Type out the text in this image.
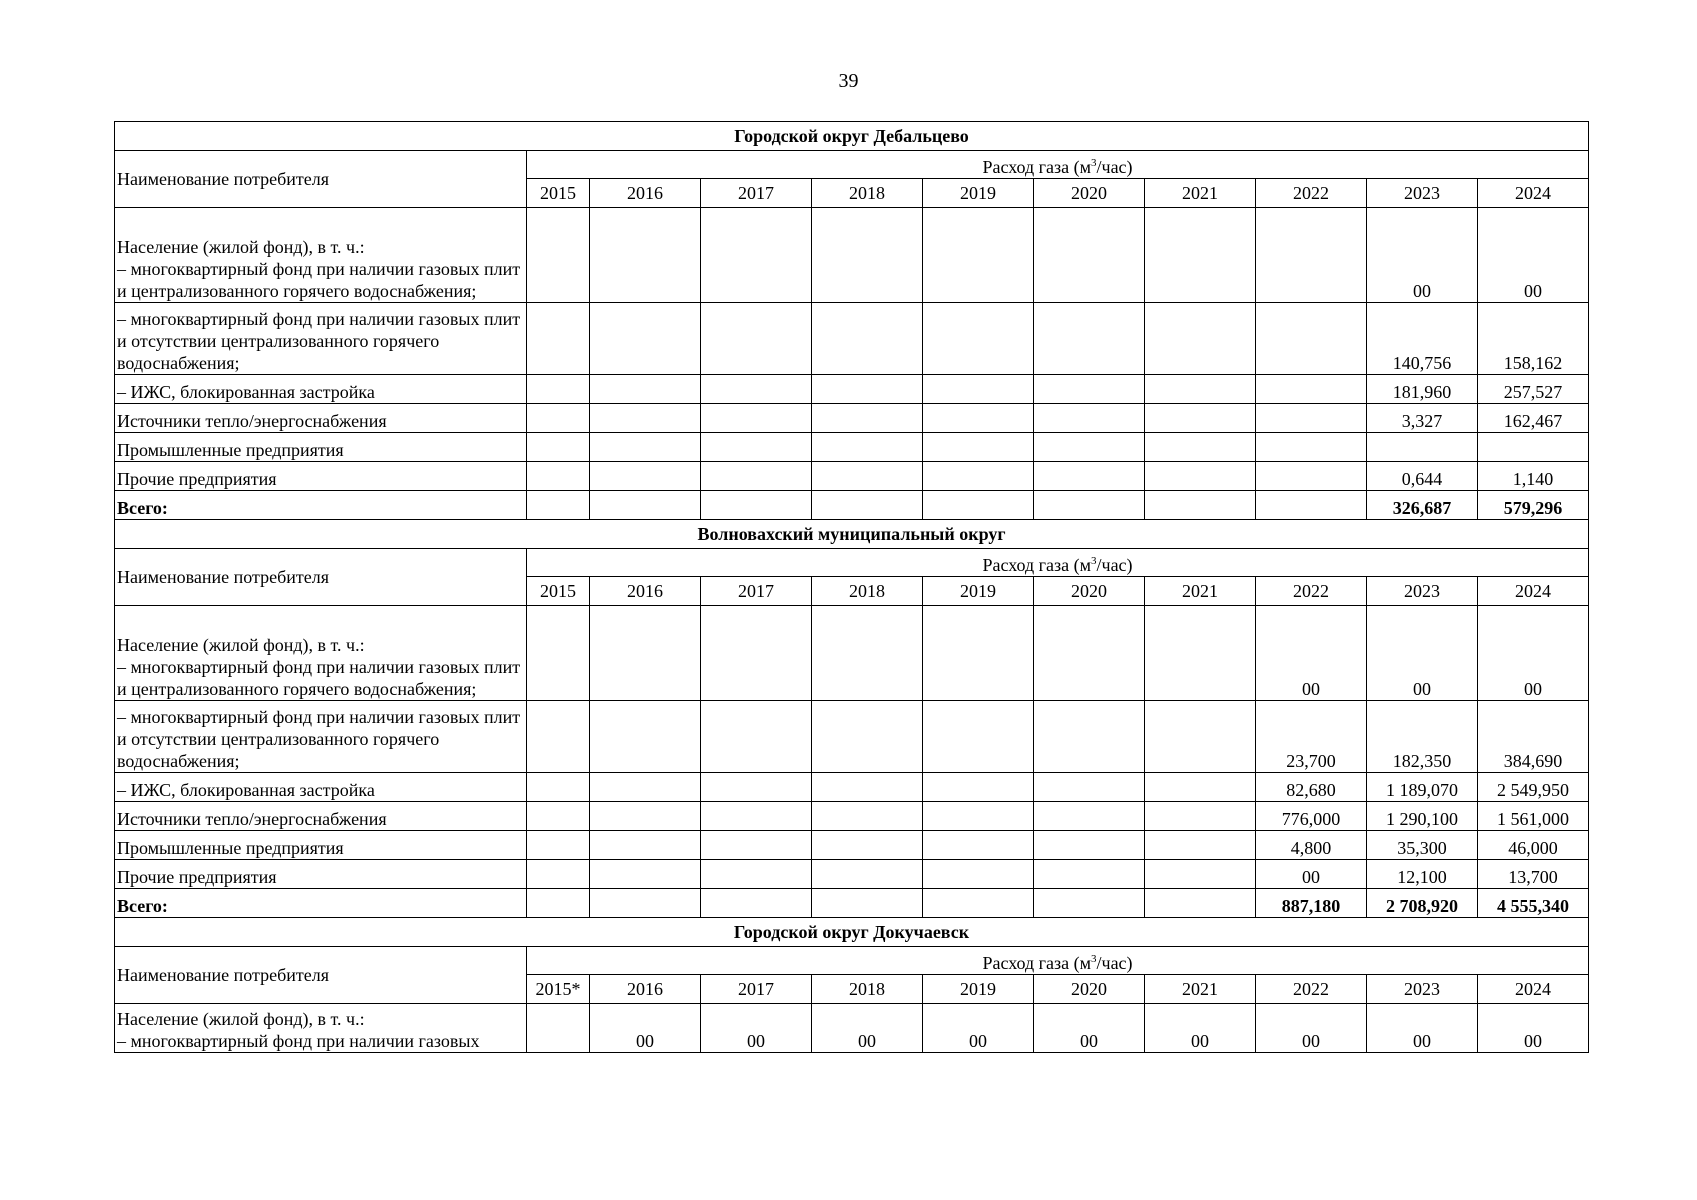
39
Городской округ Дебальцево										
Наименование потребителя	Расход газа $(м^3/час)$									
	2015	2016	2017	2018	2019	2020	2021	2022	2023	2024
Население (жилой фонд), в т. ч.:
– многоквартирный фонд при наличии газовых плит и централизованного горячего водоснабжения;									00	00
– многоквартирный фонд при наличии газовых плит и отсутствии централизованного горячего водоснабжения;									140,756	158,162
– ИЖС, блокированная застройка									181,960	257,527
Источники тепло/энергоснабжения									3,327	162,467
Промышленные предприятия										
Прочие предприятия									0,644	1,140
Всего:									326,687	579,296
Волновахский муниципальный округ										
Наименование потребителя	Расход газа $(м^3/час)$									
	2015	2016	2017	2018	2019	2020	2021	2022	2023	2024
Население (жилой фонд), в т. ч.:
– многоквартирный фонд при наличии газовых плит и централизованного горячего водоснабжения;								00	00	00
– многоквартирный фонд при наличии газовых плит и отсутствии централизованного горячего водоснабжения;								23,700	182,350	384,690
– ИЖС, блокированная застройка								82,680	1 189,070	2 549,950
Источники тепло/энергоснабжения								776,000	1 290,100	1 561,000
Промышленные предприятия								4,800	35,300	46,000
Прочие предприятия								00	12,100	13,700
Всего:								887,180	2 708,920	4 555,340
Городской округ Докучаевск										
Наименование потребителя	Расход газа $(м^3/час)$									
	2015*	2016	2017	2018	2019	2020	2021	2022	2023	2024
Население (жилой фонд), в т. ч.:
– многоквартирный фонд при наличии газовых		00	00	00	00	00	00	00	00	00
